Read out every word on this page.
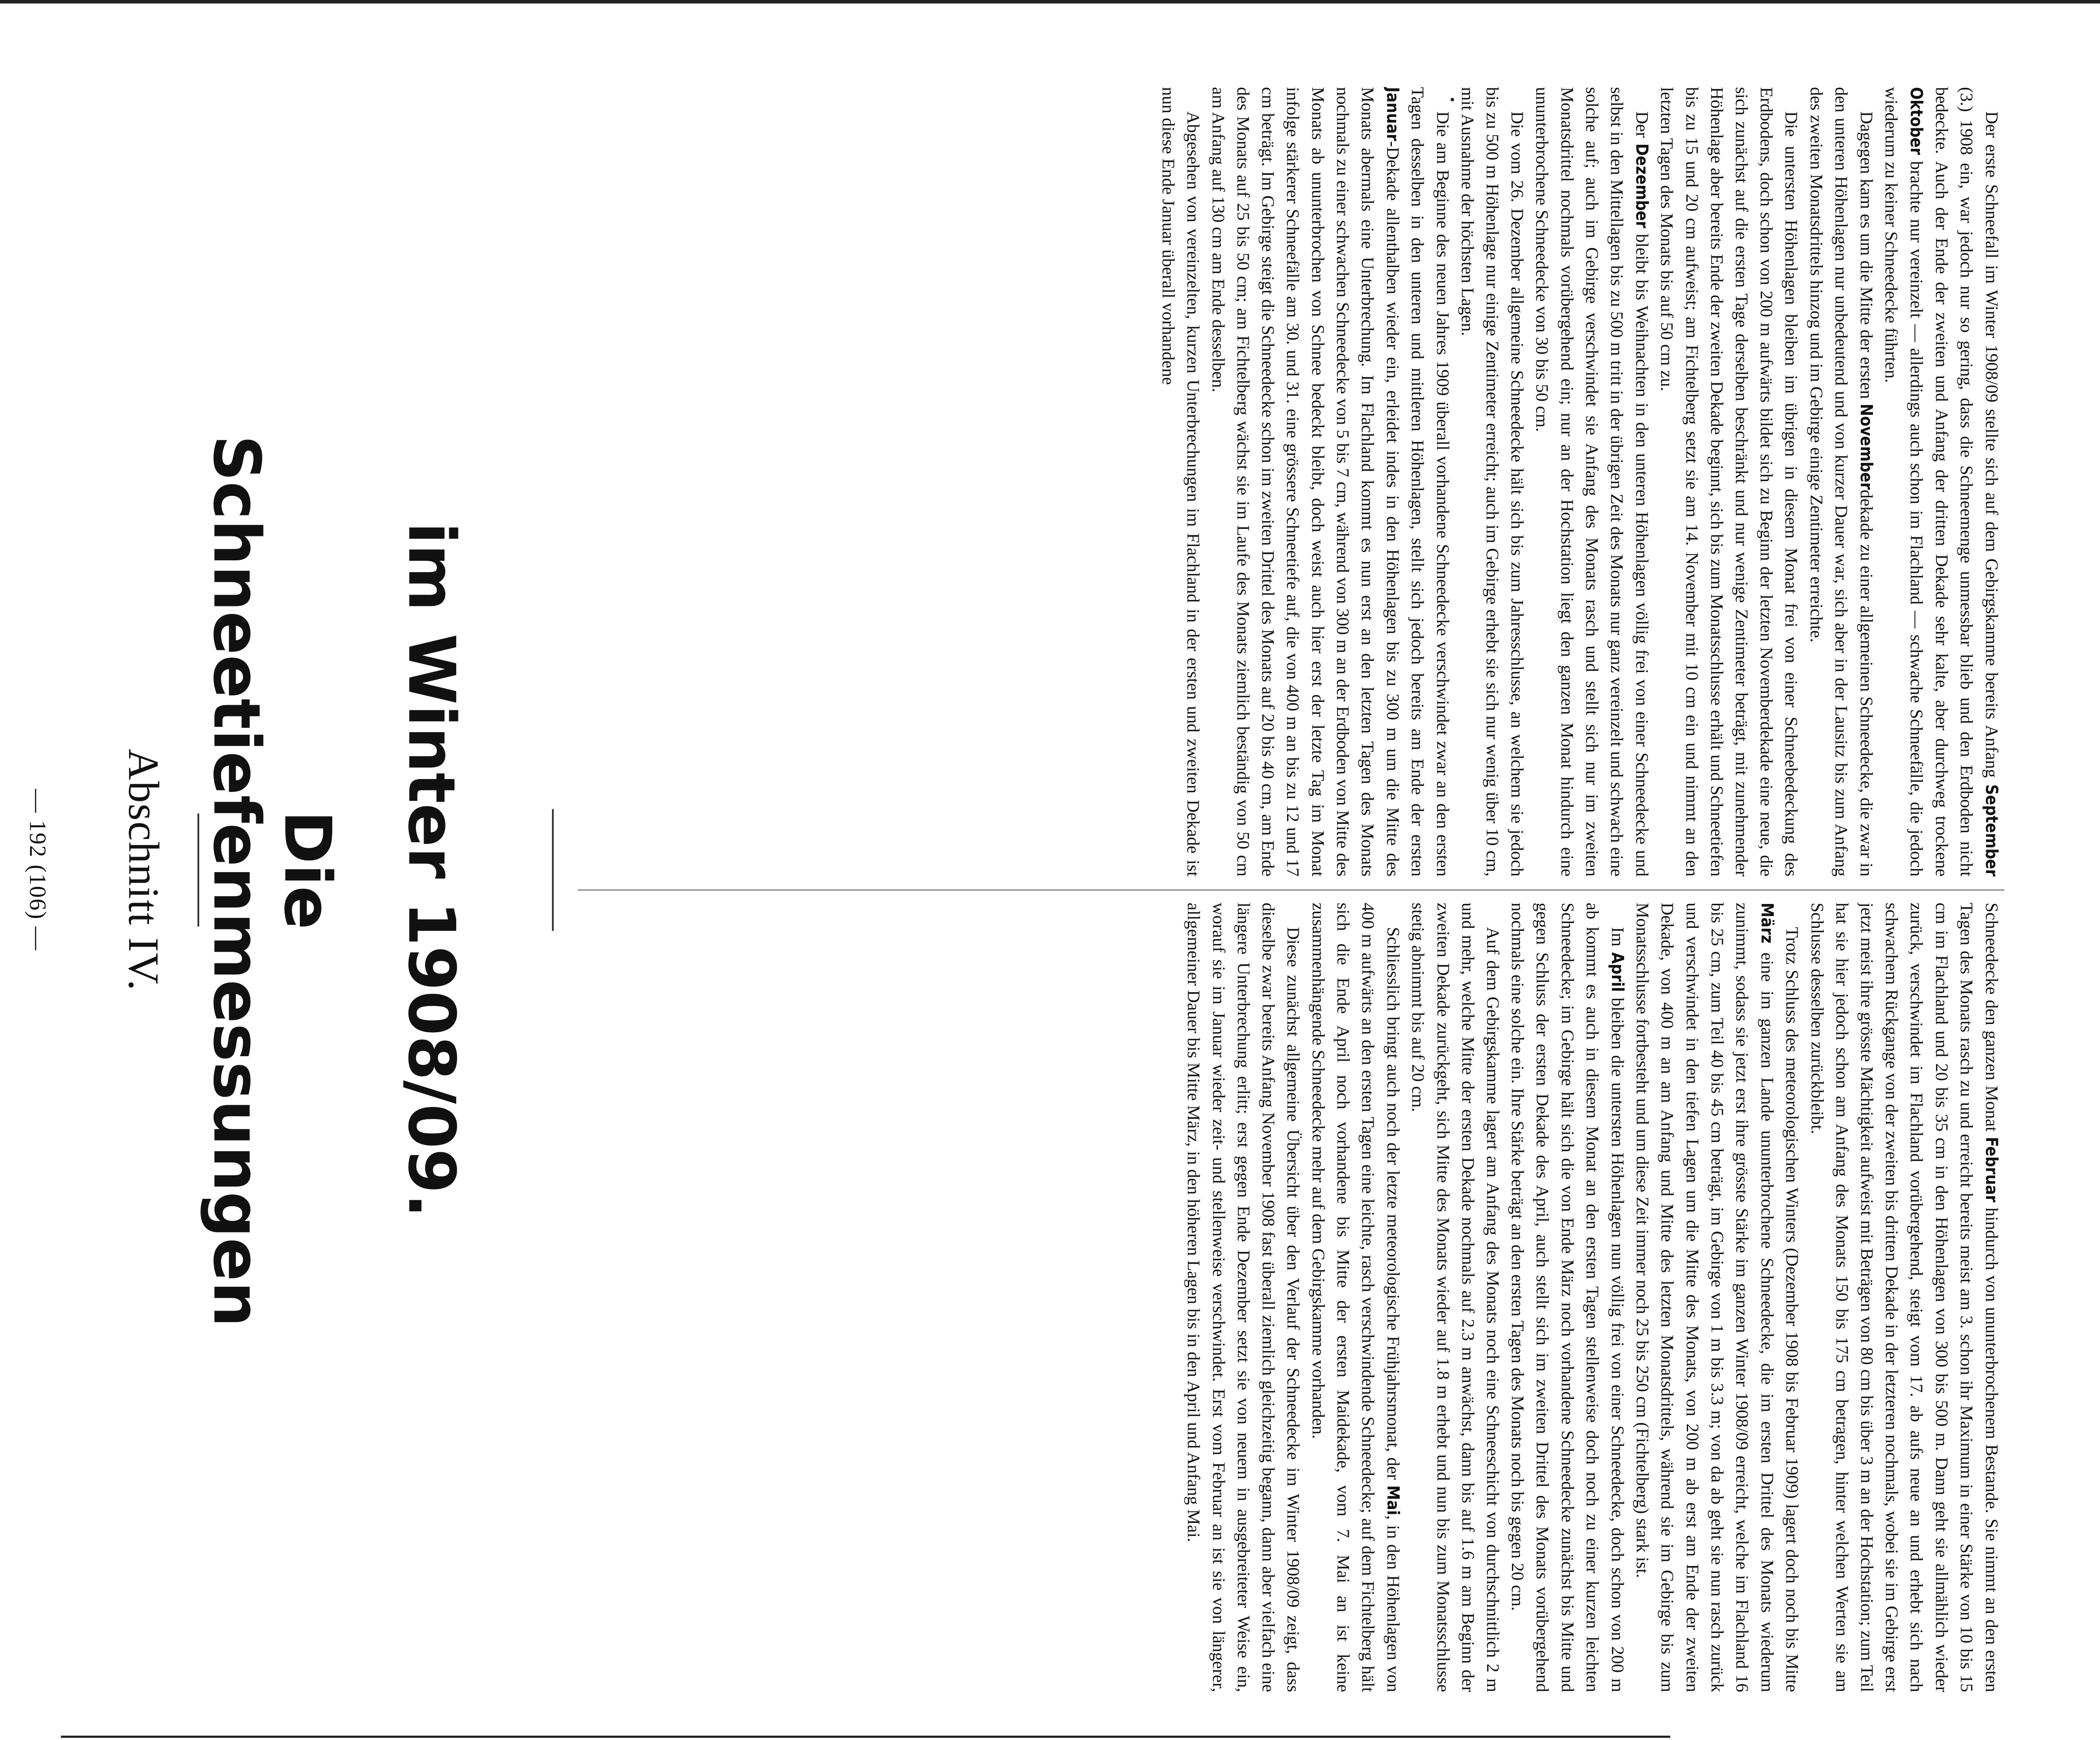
— 192 (106) — Abschnitt IV.	Die Schneetiefenmessungen	im Winter 1908/09.

Der erste Schneefall im Winter 1908/09 stellte sich auf dem Gebirgskamme bereits Anfang September (3.) 1908 ein, war jedoch nur so gering, dass die Schneemenge unmessbar blieb und den Erdboden nicht bedeckte. Auch der Ende der zweiten und Anfang der dritten Dekade sehr kalte, aber durchweg trockene Oktober brachte nur vereinzelt — allerdings auch schon im Flachland — schwache Schneefälle, die jedoch wiederum zu keiner Schneedecke führten.

Dagegen kam es um die Mitte der ersten Novemberdekade zu einer allgemeinen Schneedecke, die zwar in den unteren Höhenlagen nur unbedeutend und von kurzer Dauer war, sich aber in der Lausitz bis zum Anfang des zweiten Monatsdrittels hinzog und im Gebirge einige Zentimeter erreichte.

Die untersten Höhenlagen bleiben im übrigen in diesem Monat frei von einer Schneebedeckung des Erdbodens, doch schon von 200 m aufwärts bildet sich zu Beginn der letzten Novemberdekade eine neue, die sich zunächst auf die ersten Tage derselben beschränkt und nur wenige Zentimeter beträgt, mit zunehmender Höhenlage aber bereits Ende der zweiten Dekade beginnt, sich bis zum Monatsschlusse erhält und Schneetiefen bis zu 15 und 20 cm aufweist; am Fichtelberg setzt sie am 14. November mit 10 cm ein und nimmt an den letzten Tagen des Monats bis auf 50 cm zu.

Der Dezember bleibt bis Weihnachten in den unteren Höhenlagen völlig frei von einer Schneedecke und selbst in den Mittellagen bis zu 500 m tritt in der übrigen Zeit des Monats nur ganz vereinzelt und schwach eine solche auf; auch im Gebirge verschwindet sie Anfang des Monats rasch und stellt sich nur im zweiten Monatsdrittel nochmals vorübergehend ein; nur an der Hochstation liegt den ganzen Monat hindurch eine ununterbrochene Schneedecke von 30 bis 50 cm.

Die vom 26. Dezember allgemeine Schneedecke hält sich bis zum Jahresschlusse, an welchem sie jedoch bis zu 500 m Höhenlage nur einige Zentimeter erreicht; auch im Gebirge erhebt sie sich nur wenig über 10 cm, mit Ausnahme der höchsten Lagen.

Die am Beginne des neuen Jahres 1909 überall vorhandene Schneedecke verschwindet zwar an den ersten Tagen desselben in den unteren und mittleren Höhenlagen, stellt sich jedoch bereits am Ende der ersten Januar-Dekade allenthalben wieder ein, erleidet indes in den Höhenlagen bis zu 300 m um die Mitte des Monats abermals eine Unterbrechung. Im Flachland kommt es nun erst an den letzten Tagen des Monats nochmals zu einer schwachen Schneedecke von 5 bis 7 cm, während von 300 m an der Erdboden von Mitte des Monats ab ununterbrochen von Schnee bedeckt bleibt, doch weist auch hier erst der letzte Tag im Monat infolge stärkerer Schneefälle am 30. und 31. eine grössere Schneetiefe auf, die von 400 m an bis zu 12 und 17 cm beträgt. Im Gebirge steigt die Schneedecke schon im zweiten Drittel des Monats auf 20 bis 40 cm, am Ende des Monats auf 25 bis 50 cm; am Fichtelberg wächst sie im Laufe des Monats ziemlich beständig von 50 cm am Anfang auf 130 cm am Ende desselben.

Abgesehen von vereinzelten, kurzen Unterbrechungen im Flachland in der ersten und zweiten Dekade ist nun diese Ende Januar überall vorhandene

Schneedecke den ganzen Monat Februar hindurch von ununterbrochenem Bestande. Sie nimmt an den ersten Tagen des Monats rasch zu und erreicht bereits meist am 3. schon ihr Maximum in einer Stärke von 10 bis 15 cm im Flachland und 20 bis 35 cm in den Höhenlagen von 300 bis 500 m. Dann geht sie allmählich wieder zurück, verschwindet im Flachland vorübergehend, steigt vom 17. ab aufs neue an und erhebt sich nach schwachem Rückgange von der zweiten bis dritten Dekade in der letzteren nochmals, wobei sie im Gebirge erst jetzt meist ihre grösste Mächtigkeit aufweist mit Beträgen von 80 cm bis über 3 m an der Hochstation; zum Teil hat sie hier jedoch schon am Anfang des Monats 150 bis 175 cm betragen, hinter welchen Werten sie am Schlusse desselben zurückbleibt.

Trotz Schluss des meteorologischen Winters (Dezember 1908 bis Februar 1909) lagert doch noch bis Mitte März eine im ganzen Lande ununterbrochene Schneedecke, die im ersten Drittel des Monats wiederum zunimmt, sodass sie jetzt erst ihre grösste Stärke im ganzen Winter 1908/09 erreicht, welche im Flachland 16 bis 25 cm, zum Teil 40 bis 45 cm beträgt, im Gebirge von 1 m bis 3.3 m; von da ab geht sie nun rasch zurück und verschwindet in den tiefen Lagen um die Mitte des Monats, von 200 m ab erst am Ende der zweiten Dekade, von 400 m an am Anfang und Mitte des letzten Monatsdrittels, während sie im Gebirge bis zum Monatsschlusse fortbesteht und um diese Zeit immer noch 25 bis 250 cm (Fichtelberg) stark ist.

Im April bleiben die untersten Höhenlagen nun völlig frei von einer Schneedecke, doch schon von 200 m ab kommt es auch in diesem Monat an den ersten Tagen stellenweise doch noch zu einer kurzen leichten Schneedecke; im Gebirge hält sich die von Ende März noch vorhandene Schneedecke zunächst bis Mitte und gegen Schluss der ersten Dekade des April, auch stellt sich im zweiten Drittel des Monats vorübergehend nochmals eine solche ein. Ihre Stärke beträgt an den ersten Tagen des Monats noch bis gegen 20 cm.

Auf dem Gebirgskamme lagert am Anfang des Monats noch eine Schneeschicht von durchschnittlich 2 m und mehr, welche Mitte der ersten Dekade nochmals auf 2.3 m anwächst, dann bis auf 1.6 m am Beginn der zweiten Dekade zurückgeht, sich Mitte des Monats wieder auf 1.8 m erhebt und nun bis zum Monatsschlusse stetig abnimmt bis auf 20 cm.

Schliesslich bringt auch noch der letzte meteorologische Frühjahrsmonat, der Mai, in den Höhenlagen von 400 m aufwärts an den ersten Tagen eine leichte, rasch verschwindende Schneedecke; auf dem Fichtelberg hält sich die Ende April noch vorhandene bis Mitte der ersten Maidekade, vom 7. Mai an ist keine zusammenhängende Schneedecke mehr auf dem Gebirgskamme vorhanden.

Diese zunächst allgemeine Übersicht über den Verlauf der Schneedecke im Winter 1908/09 zeigt, dass dieselbe zwar bereits Anfang November 1908 fast überall ziemlich gleichzeitig begann, dann aber vielfach eine längere Unterbrechung erlitt; erst gegen Ende Dezember setzt sie von neuem in ausgebreiteter Weise ein, worauf sie im Januar wieder zeit- und stellenweise verschwindet. Erst vom Februar an ist sie von längerer, allgemeiner Dauer bis Mitte März, in den höheren Lagen bis in den April und Anfang Mai.
